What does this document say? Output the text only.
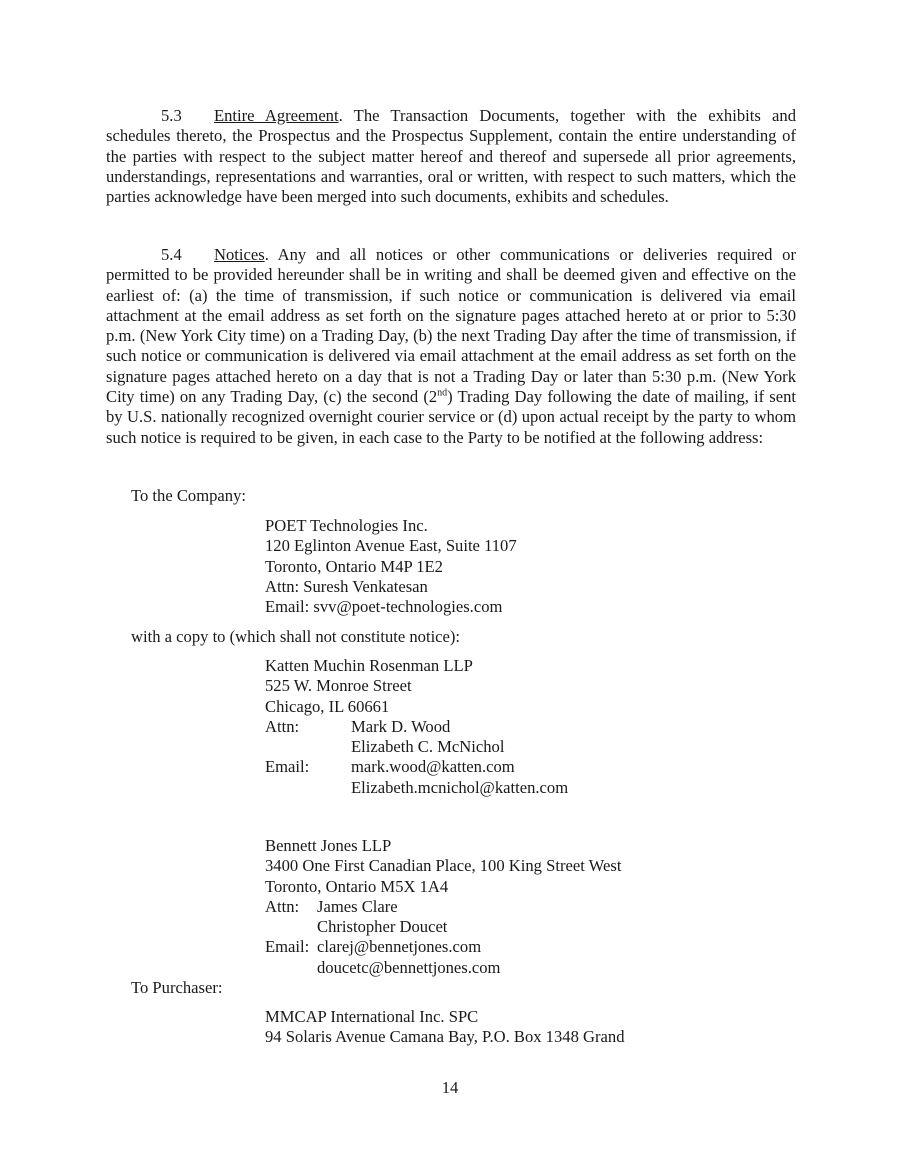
5.3 Entire Agreement. The Transaction Documents, together with the exhibits and schedules thereto, the Prospectus and the Prospectus Supplement, contain the entire understanding of the parties with respect to the subject matter hereof and thereof and supersede all prior agreements, understandings, representations and warranties, oral or written, with respect to such matters, which the parties acknowledge have been merged into such documents, exhibits and schedules.

5.4 Notices. Any and all notices or other communications or deliveries required or permitted to be provided hereunder shall be in writing and shall be deemed given and effective on the earliest of: (a) the time of transmission, if such notice or communication is delivered via email attachment at the email address as set forth on the signature pages attached hereto at or prior to 5:30 p.m. (New York City time) on a Trading Day, (b) the next Trading Day after the time of transmission, if such notice or communication is delivered via email attachment at the email address as set forth on the signature pages attached hereto on a day that is not a Trading Day or later than 5:30 p.m. (New York City time) on any Trading Day, (c) the second (2nd) Trading Day following the date of mailing, if sent by U.S. nationally recognized overnight courier service or (d) upon actual receipt by the party to whom such notice is required to be given, in each case to the Party to be notified at the following address:

To the Company:
POET Technologies Inc.
120 Eglinton Avenue East, Suite 1107
Toronto, Ontario M4P 1E2
Attn: Suresh Venkatesan
Email: svv@poet-technologies.com
with a copy to (which shall not constitute notice):
Katten Muchin Rosenman LLP
525 W. Monroe Street
Chicago, IL 60661
Attn:	Mark D. Wood
Elizabeth C. McNichol
Email:	mark.wood@katten.com
Elizabeth.mcnichol@katten.com
Bennett Jones LLP
3400 One First Canadian Place, 100 King Street West
Toronto, Ontario M5X 1A4
Attn:	James Clare
Christopher Doucet
Email: clarej@bennetjones.com
doucetc@bennettjones.com
To Purchaser:
MMCAP International Inc. SPC
94 Solaris Avenue Camana Bay, P.O. Box 1348 Grand
14
